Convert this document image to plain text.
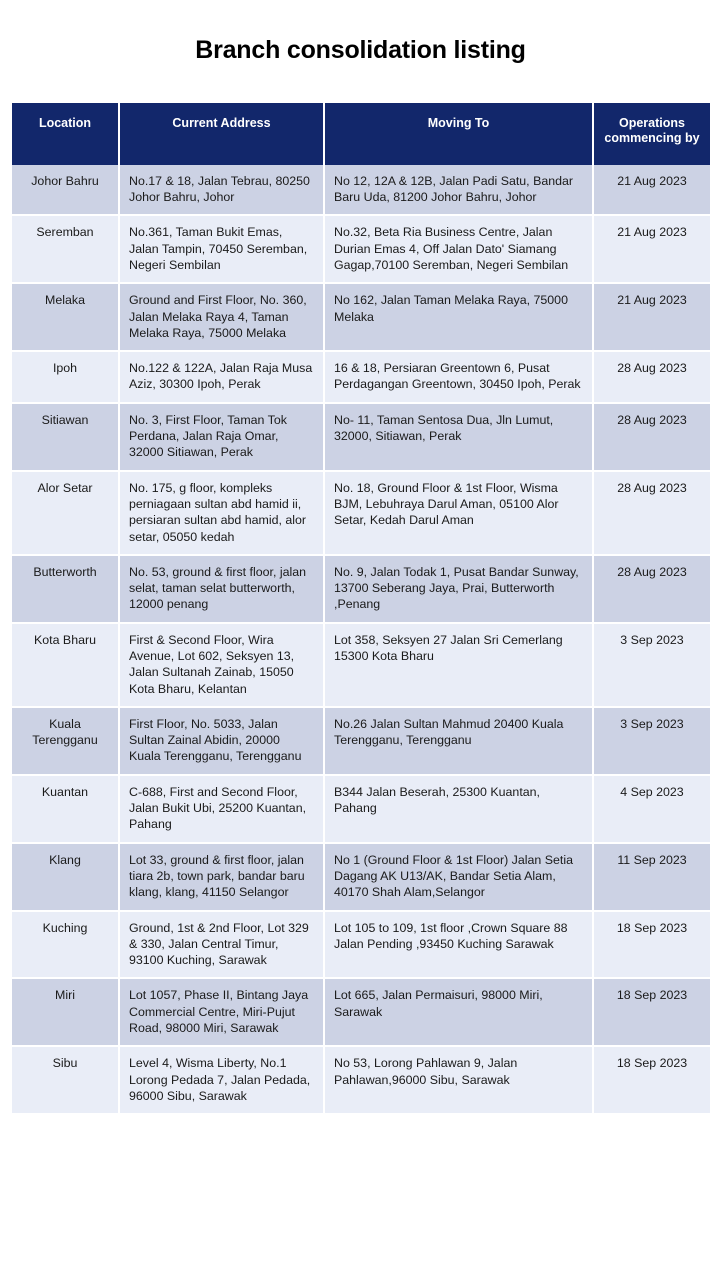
Branch consolidation listing
Location	Current Address	Moving To	Operations commencing by
Johor Bahru	No.17 & 18, Jalan Tebrau, 80250 Johor Bahru, Johor	No 12, 12A & 12B, Jalan Padi Satu, Bandar Baru Uda, 81200 Johor Bahru, Johor	21 Aug 2023
Seremban	No.361, Taman Bukit Emas, Jalan Tampin, 70450 Seremban, Negeri Sembilan	No.32, Beta Ria Business Centre, Jalan Durian Emas 4, Off Jalan Dato' Siamang Gagap,70100 Seremban, Negeri Sembilan	21 Aug 2023
Melaka	Ground and First Floor, No. 360, Jalan Melaka Raya 4, Taman Melaka Raya, 75000 Melaka	No 162, Jalan Taman Melaka Raya, 75000 Melaka	21 Aug 2023
Ipoh	No.122 & 122A, Jalan Raja Musa Aziz, 30300 Ipoh, Perak	16 & 18, Persiaran Greentown 6, Pusat Perdagangan Greentown, 30450 Ipoh, Perak	28 Aug 2023
Sitiawan	No. 3, First Floor, Taman Tok Perdana, Jalan Raja Omar, 32000 Sitiawan, Perak	No- 11, Taman Sentosa Dua, Jln Lumut, 32000, Sitiawan, Perak	28 Aug 2023
Alor Setar	No. 175, g floor, kompleks perniagaan sultan abd hamid ii, persiaran sultan abd hamid, alor setar, 05050 kedah	No. 18, Ground Floor & 1st Floor, Wisma BJM, Lebuhraya Darul Aman, 05100 Alor Setar, Kedah Darul Aman	28 Aug 2023
Butterworth	No. 53, ground & first floor, jalan selat, taman selat butterworth, 12000 penang	No. 9, Jalan Todak 1, Pusat Bandar Sunway, 13700 Seberang Jaya, Prai, Butterworth ,Penang	28 Aug 2023
Kota Bharu	First & Second Floor, Wira Avenue, Lot 602, Seksyen 13, Jalan Sultanah Zainab, 15050 Kota Bharu, Kelantan	Lot 358, Seksyen 27 Jalan Sri Cemerlang 15300 Kota Bharu	3 Sep 2023
Kuala Terengganu	First Floor, No. 5033, Jalan Sultan Zainal Abidin, 20000 Kuala Terengganu, Terengganu	No.26 Jalan Sultan Mahmud 20400 Kuala Terengganu, Terengganu	3 Sep 2023
Kuantan	C-688, First and Second Floor, Jalan Bukit Ubi, 25200 Kuantan, Pahang	B344 Jalan Beserah, 25300 Kuantan, Pahang	4 Sep 2023
Klang	Lot 33, ground & first floor, jalan tiara 2b, town park, bandar baru klang, klang, 41150 Selangor	No 1 (Ground Floor & 1st Floor) Jalan Setia Dagang AK U13/AK, Bandar Setia Alam, 40170 Shah Alam,Selangor	11 Sep 2023
Kuching	Ground, 1st & 2nd Floor, Lot 329 & 330, Jalan Central Timur, 93100 Kuching, Sarawak	Lot 105 to 109, 1st floor ,Crown Square 88 Jalan Pending ,93450 Kuching Sarawak	18 Sep 2023
Miri	Lot 1057, Phase II, Bintang Jaya Commercial Centre, Miri-Pujut Road, 98000 Miri, Sarawak	Lot 665, Jalan Permaisuri, 98000 Miri, Sarawak	18 Sep 2023
Sibu	Level 4, Wisma Liberty, No.1 Lorong Pedada 7, Jalan Pedada, 96000 Sibu, Sarawak	No 53, Lorong Pahlawan 9, Jalan Pahlawan,96000 Sibu, Sarawak	18 Sep 2023
